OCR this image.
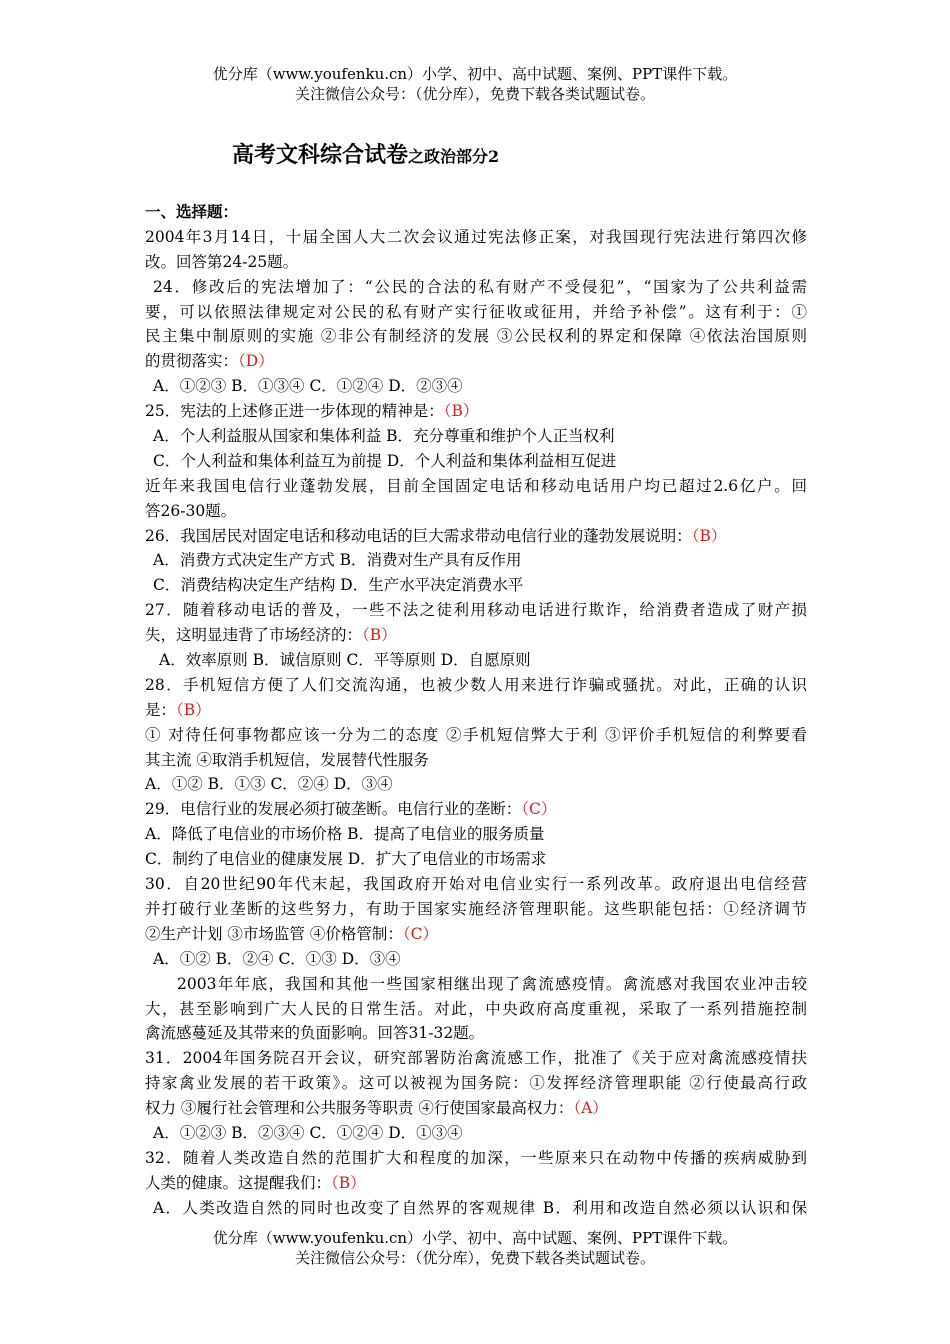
优分库（www.youfenku.cn）小学、初中、高中试题、案例、PPT课件下载。
关注微信公众号：（优分库），免费下载各类试题试卷。
高考文科综合试卷之政治部分2
一、选择题：
2004年3月14日，十届全国人大二次会议通过宪法修正案，对我国现行宪法进行第四次修
改。回答第24-25题。
24．修改后的宪法增加了：“公民的合法的私有财产不受侵犯”，“国家为了公共利益需
要，可以依照法律规定对公民的私有财产实行征收或征用，并给予补偿”。这有利于：①
民主集中制原则的实施 ②非公有制经济的发展 ③公民权利的界定和保障 ④依法治国原则
的贯彻落实：（D）
A．①②③ B．①③④ C．①②④ D．②③④
25．宪法的上述修正进一步体现的精神是：（B）
A．个人利益服从国家和集体利益 B．充分尊重和维护个人正当权利
C．个人利益和集体利益互为前提 D．个人利益和集体利益相互促进
近年来我国电信行业蓬勃发展，目前全国固定电话和移动电话用户均已超过2.6亿户。回
答26-30题。
26．我国居民对固定电话和移动电话的巨大需求带动电信行业的蓬勃发展说明：（B）
A．消费方式决定生产方式 B．消费对生产具有反作用
C．消费结构决定生产结构 D．生产水平决定消费水平
27．随着移动电话的普及，一些不法之徒利用移动电话进行欺诈，给消费者造成了财产损
失，这明显违背了市场经济的：（B）
A．效率原则 B．诚信原则 C．平等原则 D．自愿原则
28．手机短信方便了人们交流沟通，也被少数人用来进行诈骗或骚扰。对此，正确的认识
是：（B）
① 对待任何事物都应该一分为二的态度 ②手机短信弊大于利 ③评价手机短信的利弊要看
其主流 ④取消手机短信，发展替代性服务
A．①② B．①③ C．②④ D．③④
29．电信行业的发展必须打破垄断。电信行业的垄断：（C）
A．降低了电信业的市场价格 B．提高了电信业的服务质量
C．制约了电信业的健康发展 D．扩大了电信业的市场需求
30．自20世纪90年代末起，我国政府开始对电信业实行一系列改革。政府退出电信经营
并打破行业垄断的这些努力，有助于国家实施经济管理职能。这些职能包括：①经济调节
②生产计划 ③市场监管 ④价格管制：（C）
A．①② B．②④ C．①③ D．③④
2003年年底，我国和其他一些国家相继出现了禽流感疫情。禽流感对我国农业冲击较
大，甚至影响到广大人民的日常生活。对此，中央政府高度重视，采取了一系列措施控制
禽流感蔓延及其带来的负面影响。回答31-32题。
31．2004年国务院召开会议，研究部署防治禽流感工作，批准了《关于应对禽流感疫情扶
持家禽业发展的若干政策》。这可以被视为国务院：①发挥经济管理职能 ②行使最高行政
权力 ③履行社会管理和公共服务等职责 ④行使国家最高权力：（A）
A．①②③ B．②③④ C．①②④ D．①③④
32．随着人类改造自然的范围扩大和程度的加深，一些原来只在动物中传播的疾病威胁到
人类的健康。这提醒我们：（B）
A．人类改造自然的同时也改变了自然界的客观规律 B．利用和改造自然必须以认识和保
优分库（www.youfenku.cn）小学、初中、高中试题、案例、PPT课件下载。
关注微信公众号：（优分库），免费下载各类试题试卷。
